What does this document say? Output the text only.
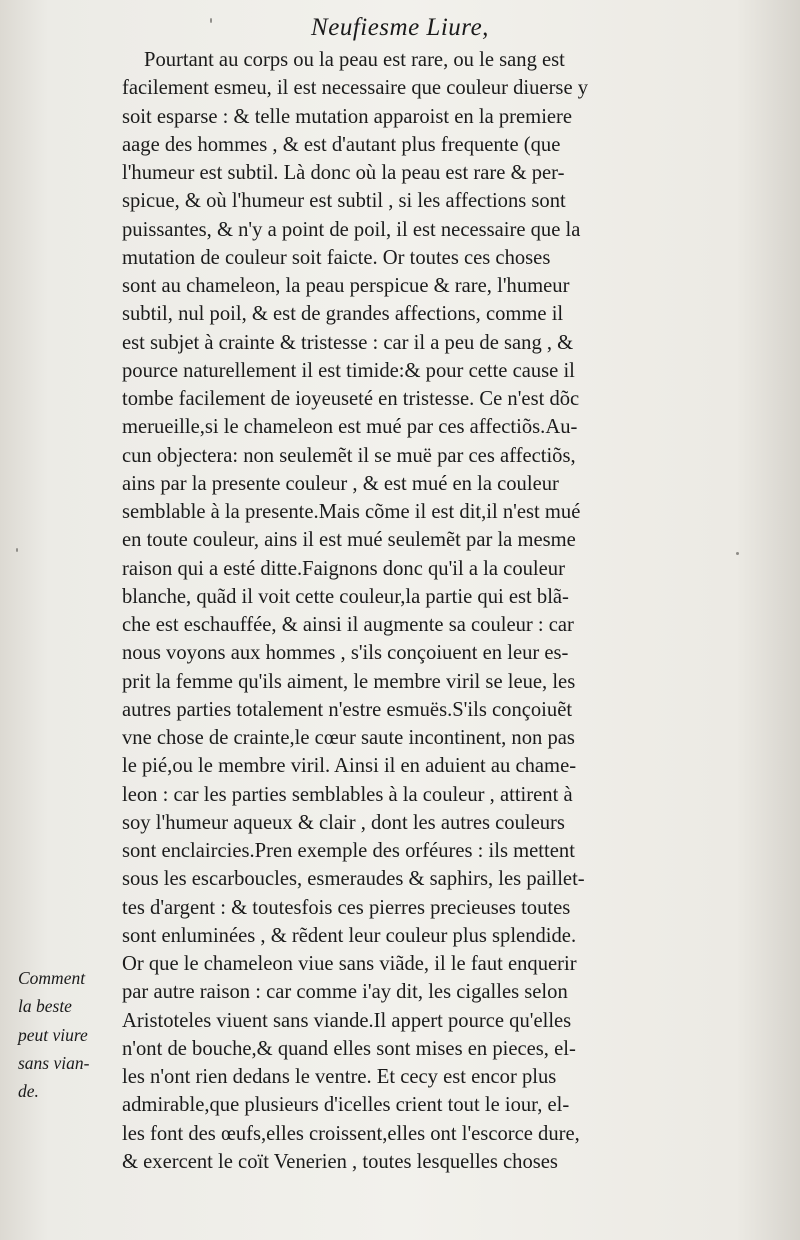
Neufiesme Liure,
Pourtant au corps ou la peau est rare, ou le sang est
facilement esmeu, il est necessaire que couleur diuerse y
soit esparse : & telle mutation apparoist en la premiere
aage des hommes , & est d'autant plus frequente (que
l'humeur est subtil. Là donc où la peau est rare & per-
spicue, & où l'humeur est subtil , si les affections sont
puissantes, & n'y a point de poil, il est necessaire que la
mutation de couleur soit faicte. Or toutes ces choses
sont au chameleon, la peau perspicue & rare, l'humeur
subtil, nul poil, & est de grandes affections, comme il
est subjet à crainte & tristesse : car il a peu de sang , &
pource naturellement il est timide:& pour cette cause il
tombe facilement de ioyeuseté en tristesse. Ce n'est dõc
merueille,si le chameleon est mué par ces affectiõs.Au-
cun objectera: non seulemẽt il se muë par ces affectiõs,
ains par la presente couleur , & est mué en la couleur
semblable à la presente.Mais cõme il est dit,il n'est mué
en toute couleur, ains il est mué seulemẽt par la mesme
raison qui a esté ditte.Faignons donc qu'il a la couleur
blanche, quãd il voit cette couleur,la partie qui est blã-
che est eschauffée, & ainsi il augmente sa couleur : car
nous voyons aux hommes , s'ils conçoiuent en leur es-
prit la femme qu'ils aiment, le membre viril se leue, les
autres parties totalement n'estre esmuës.S'ils conçoiuẽt
vne chose de crainte,le cœur saute incontinent, non pas
le pié,ou le membre viril. Ainsi il en aduient au chame-
leon : car les parties semblables à la couleur , attirent à
soy l'humeur aqueux & clair , dont les autres couleurs
sont enclaircies.Pren exemple des orféures : ils mettent
sous les escarboucles, esmeraudes & saphirs, les paillet-
tes d'argent : & toutesfois ces pierres precieuses toutes
sont enluminées , & rẽdent leur couleur plus splendide.
Or que le chameleon viue sans viãde, il le faut enquerir
par autre raison : car comme i'ay dit, les cigalles selon
Aristoteles viuent sans viande.Il appert pource qu'elles
n'ont de bouche,& quand elles sont mises en pieces, el-
les n'ont rien dedans le ventre. Et cecy est encor plus
admirable,que plusieurs d'icelles crient tout le iour, el-
les font des œufs,elles croissent,elles ont l'escorce dure,
& exercent le coït Venerien , toutes lesquelles choses
Comment
la beste
peut viure
sans vian-
de.
